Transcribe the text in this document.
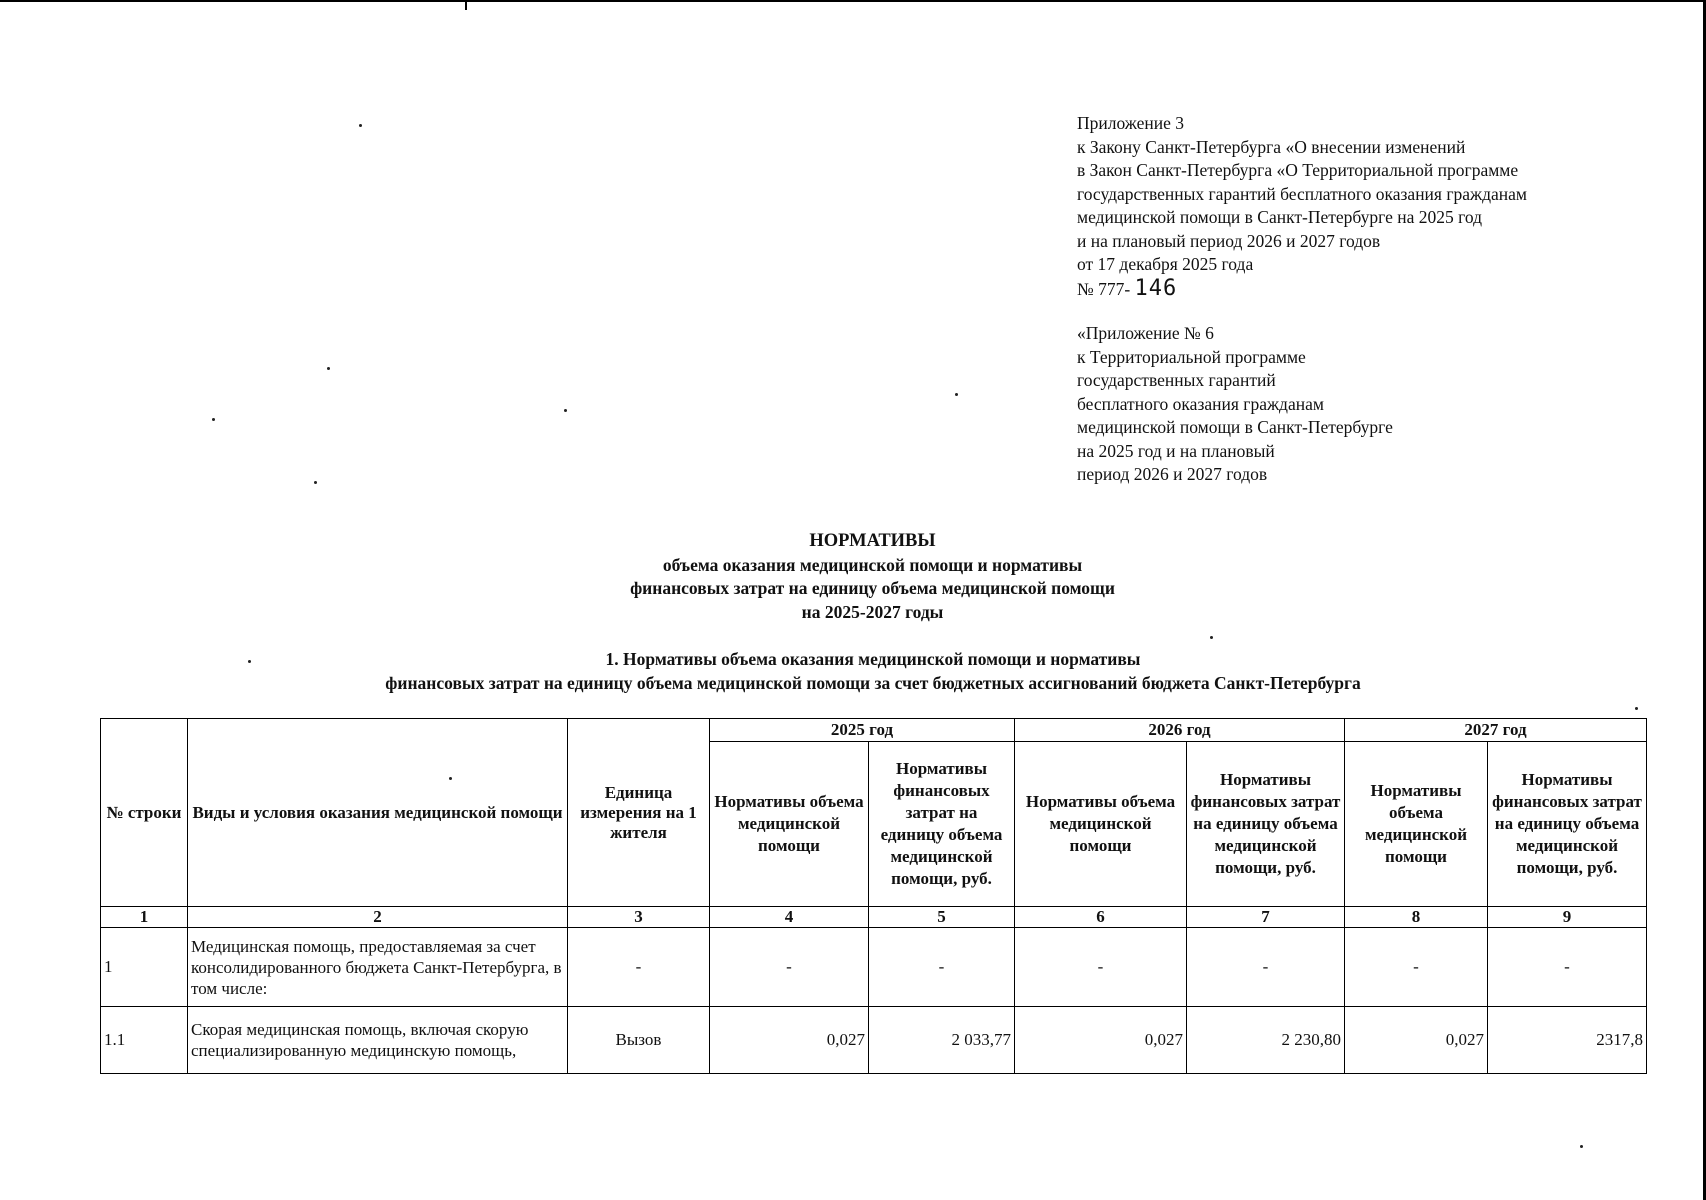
Приложение 3
к Закону Санкт-Петербурга «О внесении изменений
в Закон Санкт-Петербурга «О Территориальной программе
государственных гарантий бесплатного оказания гражданам
медицинской помощи в Санкт-Петербурге на 2025 год
и на плановый период 2026 и 2027 годов
от 17 декабря 2025 года
№ 777- 146
«Приложение № 6
к Территориальной программе
государственных гарантий
бесплатного оказания гражданам
медицинской помощи в Санкт-Петербурге
на 2025 год и на плановый
период 2026 и 2027 годов
НОРМАТИВЫ
объема оказания медицинской помощи и нормативы
финансовых затрат на единицу объема медицинской помощи
на 2025-2027 годы
1. Нормативы объема оказания медицинской помощи и нормативы
финансовых затрат на единицу объема медицинской помощи за счет бюджетных ассигнований бюджета Санкт-Петербурга
№ строки	Виды и условия оказания медицинской помощи	Единица измерения на 1 жителя	2025 год		2026 год		2027 год	
			Нормативы объема медицинской помощи	Нормативы финансовых затрат на единицу объема медицинской помощи, руб.	Нормативы объема медицинской помощи	Нормативы финансовых затрат на единицу объема медицинской помощи, руб.	Нормативы объема медицинской помощи	Нормативы финансовых затрат на единицу объема медицинской помощи, руб.
1	2	3	4	5	6	7	8	9
1	Медицинская помощь, предоставляемая за счет консолидированного бюджета Санкт-Петербурга, в том числе:	-	-	-	-	-	-	-
1.1	Скорая медицинская помощь, включая скорую специализированную медицинскую помощь,	Вызов	0,027	2 033,77	0,027	2 230,80	0,027	2317,8
